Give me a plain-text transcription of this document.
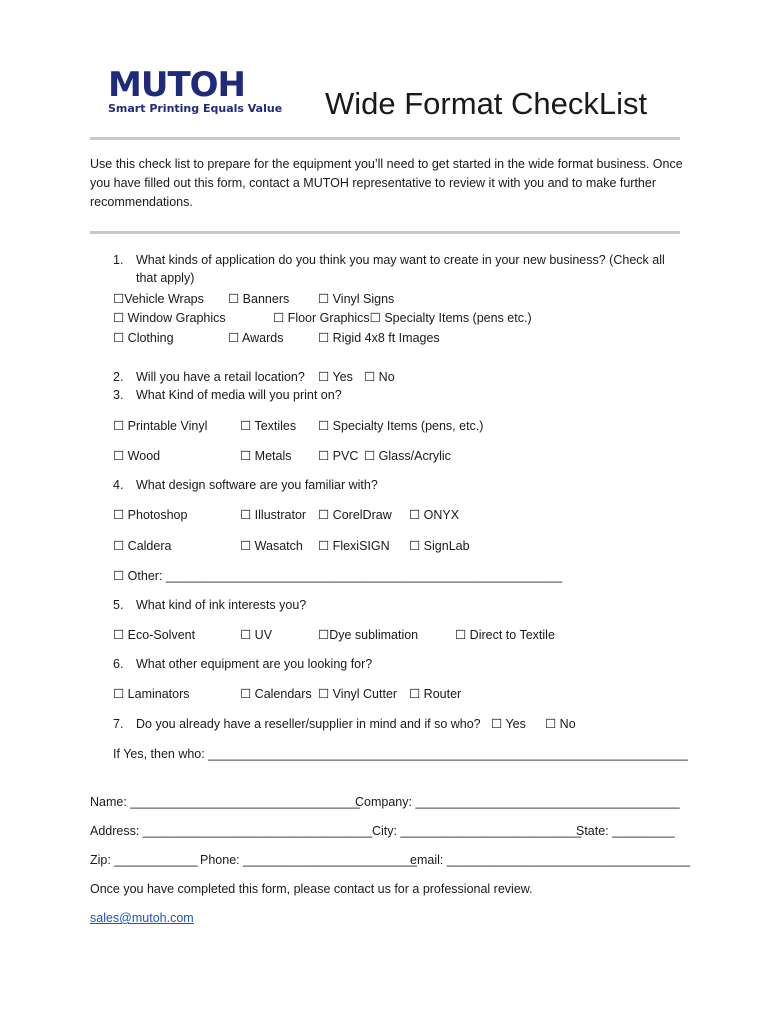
MUTOH
Smart Printing Equals Value Wide Format CheckList
Use this check list to prepare for the equipment you’ll need to get started in the wide format business. Once you have filled out this form, contact a MUTOH representative to review it with you and to make further recommendations.
1. What kinds of application do you think you may want to create in your new business? (Check all
that apply)
☐Vehicle Wraps ☐ Banners ☐ Vinyl Signs
☐ Window Graphics	☐ Floor Graphics☐ Specialty Items (pens etc.)
☐ Clothing	☐ Awards	☐ Rigid 4x8 ft Images
2. Will you have a retail location? ☐ Yes ☐ No
3. What Kind of media will you print on?
☐ Printable Vinyl	☐ Textiles ☐ Specialty Items (pens, etc.)
☐ Wood	☐ Metals ☐ PVC ☐ Glass/Acrylic
4. What design software are you familiar with?
☐ Photoshop	☐ Illustrator ☐ CorelDraw ☐ ONYX
☐ Caldera	☐ Wasatch ☐ FlexiSIGN ☐ SignLab
☐ Other: _________________________________________________________
5. What kind of ink interests you?
☐ Eco-Solvent	☐ UV	☐Dye sublimation	☐ Direct to Textile
6. What other equipment are you looking for?
☐ Laminators	☐ Calendars ☐ Vinyl Cutter ☐ Router
7. Do you already have a reseller/supplier in mind and if so who? ☐ Yes ☐ No
If Yes, then who: _____________________________________________________________________
Name: _________________________________
Company: ______________________________________
Address: _________________________________ City: __________________________
State: _________
Zip: ____________ Phone: _________________________
email: ___________________________________
Once you have completed this form, please contact us for a professional review.
sales@mutoh.com
